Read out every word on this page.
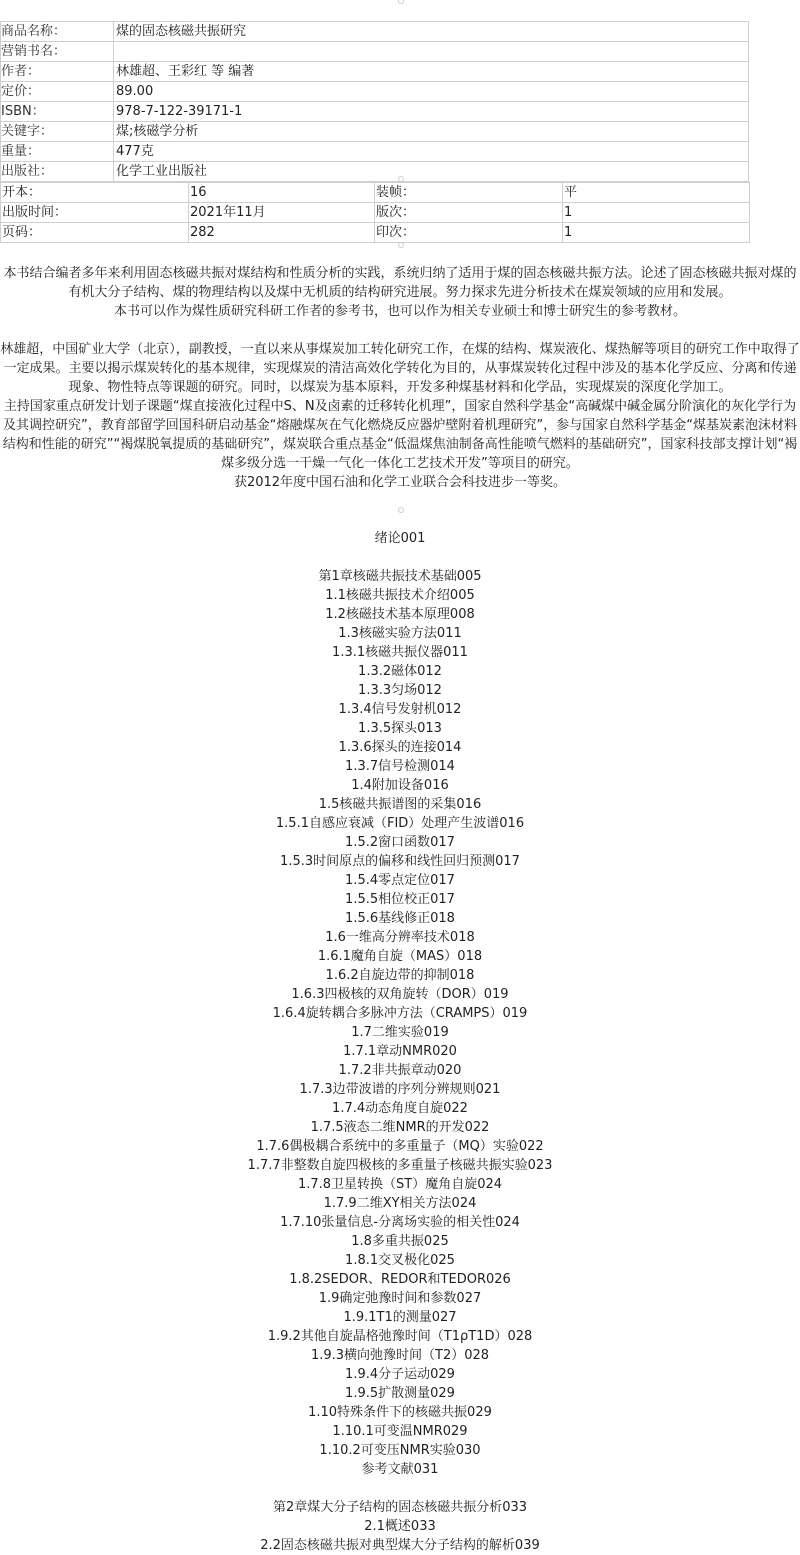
商品名称：	煤的固态核磁共振研究
营销书名：	
作者：	林雄超、王彩红 等 编著
定价：	89.00
ISBN：	978-7-122-39171-1
关键字：	煤;核磁学分析
重量：	477克
出版社：	化学工业出版社
开本：	16	装帧：	平
出版时间：	2021年11月	版次：	1
页码：	282	印次：	1
本书结合编者多年来利用固态核磁共振对煤结构和性质分析的实践，系统归纳了适用于煤的固态核磁共振方法。论述了固态核磁共振对煤的有机大分子结构、煤的物理结构以及煤中无机质的结构研究进展。努力探求先进分析技术在煤炭领域的应用和发展。
本书可以作为煤性质研究科研工作者的参考书，也可以作为相关专业硕士和博士研究生的参考教材。
林雄超，中国矿业大学（北京），副教授，一直以来从事煤炭加工转化研究工作，在煤的结构、煤炭液化、煤热解等项目的研究工作中取得了一定成果。主要以揭示煤炭转化的基本规律，实现煤炭的清洁高效化学转化为目的，从事煤炭转化过程中涉及的基本化学反应、分离和传递现象、物性特点等课题的研究。同时，以煤炭为基本原料，开发多种煤基材料和化学品，实现煤炭的深度化学加工。
主持国家重点研发计划子课题“煤直接液化过程中S、N及卤素的迁移转化机理”，国家自然科学基金“高碱煤中碱金属分阶演化的灰化学行为及其调控研究”，教育部留学回国科研启动基金“熔融煤灰在气化燃烧反应器炉壁附着机理研究”，参与国家自然科学基金“煤基炭素泡沫材料结构和性能的研究”“褐煤脱氧提质的基础研究”，煤炭联合重点基金“低温煤焦油制备高性能喷气燃料的基础研究”，国家科技部支撑计划“褐煤多级分选一干燥一气化一体化工艺技术开发”等项目的研究。
获2012年度中国石油和化学工业联合会科技进步一等奖。
绪论001
第1章核磁共振技术基础005
1.1核磁共振技术介绍005
1.2核磁技术基本原理008
1.3核磁实验方法011
1.3.1核磁共振仪器011
1.3.2磁体012
1.3.3匀场012
1.3.4信号发射机012
1.3.5探头013
1.3.6探头的连接014
1.3.7信号检测014
1.4附加设备016
1.5核磁共振谱图的采集016
1.5.1自感应衰减（FID）处理产生波谱016
1.5.2窗口函数017
1.5.3时间原点的偏移和线性回归预测017
1.5.4零点定位017
1.5.5相位校正017
1.5.6基线修正018
1.6一维高分辨率技术018
1.6.1魔角自旋（MAS）018
1.6.2自旋边带的抑制018
1.6.3四极核的双角旋转（DOR）019
1.6.4旋转耦合多脉冲方法（CRAMPS）019
1.7二维实验019
1.7.1章动NMR020
1.7.2非共振章动020
1.7.3边带波谱的序列分辨规则021
1.7.4动态角度自旋022
1.7.5液态二维NMR的开发022
1.7.6偶极耦合系统中的多重量子（MQ）实验022
1.7.7非整数自旋四极核的多重量子核磁共振实验023
1.7.8卫星转换（ST）魔角自旋024
1.7.9二维XY相关方法024
1.7.10张量信息-分离场实验的相关性024
1.8多重共振025
1.8.1交叉极化025
1.8.2SEDOR、REDOR和TEDOR026
1.9确定弛豫时间和参数027
1.9.1T1的测量027
1.9.2其他自旋晶格弛豫时间（T1ρT1D）028
1.9.3横向弛豫时间（T2）028
1.9.4分子运动029
1.9.5扩散测量029
1.10特殊条件下的核磁共振029
1.10.1可变温NMR029
1.10.2可变压NMR实验030
参考文献031
第2章煤大分子结构的固态核磁共振分析033
2.1概述033
2.2固态核磁共振对典型煤大分子结构的解析039
